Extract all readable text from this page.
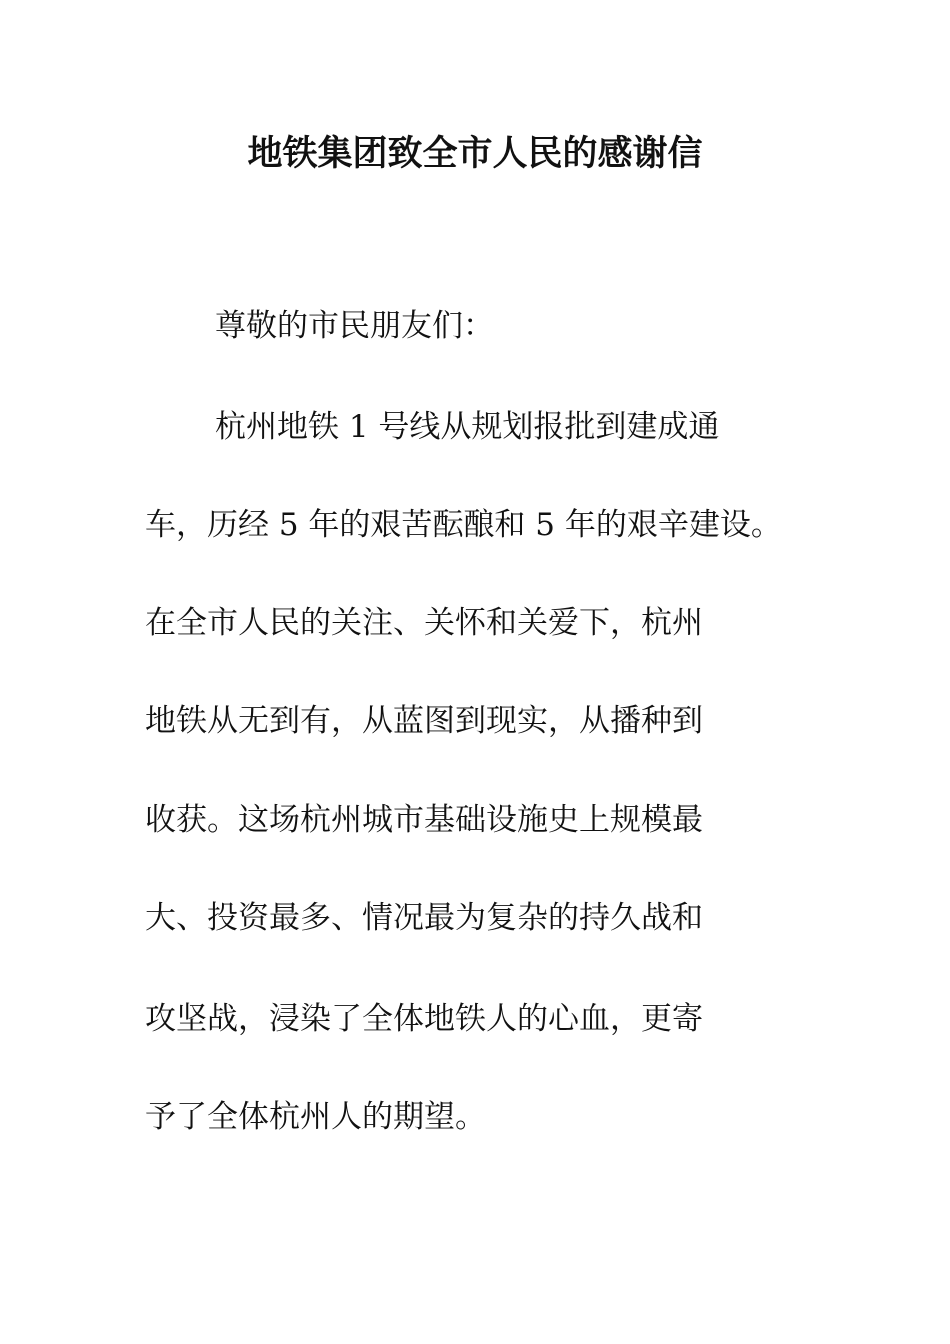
地铁集团致全市人民的感谢信
尊敬的市民朋友们：
杭州地铁 1 号线从规划报批到建成通
车，历经 5 年的艰苦酝酿和 5 年的艰辛建设。
在全市人民的关注、关怀和关爱下，杭州
地铁从无到有，从蓝图到现实，从播种到
收获。这场杭州城市基础设施史上规模最
大、投资最多、情况最为复杂的持久战和
攻坚战，浸染了全体地铁人的心血，更寄
予了全体杭州人的期望。
